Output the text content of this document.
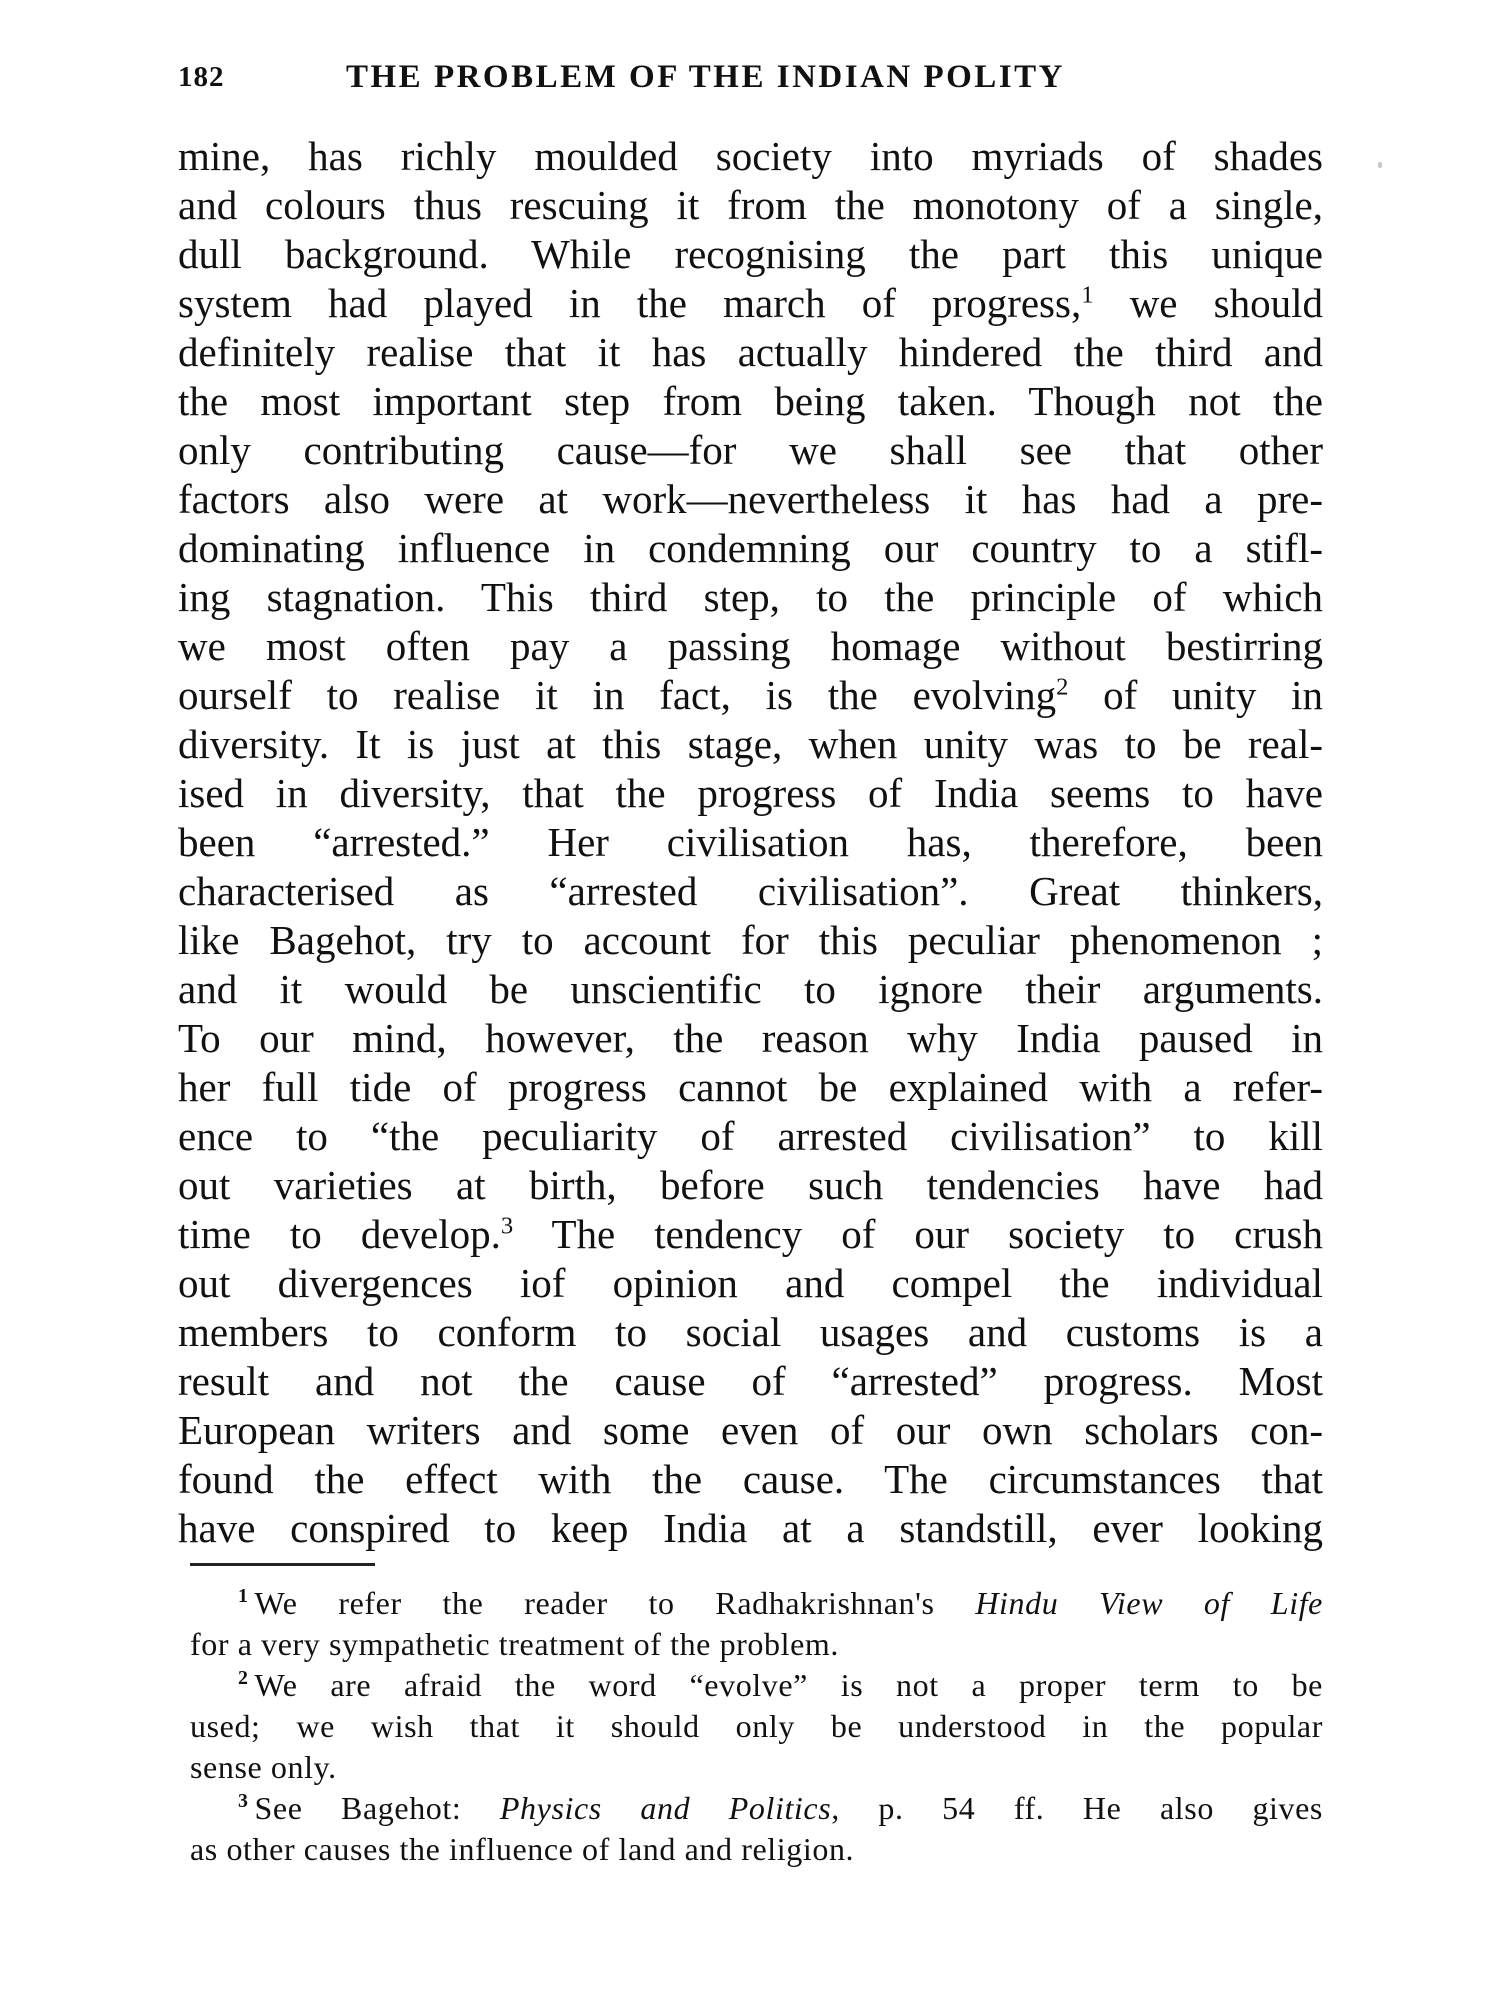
182	THE PROBLEM OF THE INDIAN POLITY
mine, has richly moulded society into myriads of shades
and colours thus rescuing it from the monotony of a single,
dull background. While recognising the part this unique
system had played in the march of progress,$^1$ we should
definitely realise that it has actually hindered the third and
the most important step from being taken. Though not the
only contributing cause—for we shall see that other
factors also were at work—nevertheless it has had a pre-
dominating influence in condemning our country to a stifl-
ing stagnation. This third step, to the principle of which
we most often pay a passing homage without bestirring
ourself to realise it in fact, is the evolving$^2$ of unity in
diversity. It is just at this stage, when unity was to be real-
ised in diversity, that the progress of India seems to have
been “arrested.” Her civilisation has, therefore, been
characterised as “arrested civilisation”. Great thinkers,
like Bagehot, try to account for this peculiar phenomenon ;
and it would be unscientific to ignore their arguments.
To our mind, however, the reason why India paused in
her full tide of progress cannot be explained with a refer-
ence to “the peculiarity of arrested civilisation” to kill
out varieties at birth, before such tendencies have had
time to develop.$^3$ The tendency of our society to crush
out divergences iof opinion and compel the individual
members to conform to social usages and customs is a
result and not the cause of “arrested” progress. Most
European writers and some even of our own scholars con-
found the effect with the cause. The circumstances that
have conspired to keep India at a standstill, ever looking
$^1$ We refer the reader to Radhakrishnan's Hindu View of Life
for a very sympathetic treatment of the problem.
$^2$ We are afraid the word “evolve” is not a proper term to be
used; we wish that it should only be understood in the popular
sense only.
$^3$ See Bagehot: Physics and Politics, p. 54 ff. He also gives
as other causes the influence of land and religion.
